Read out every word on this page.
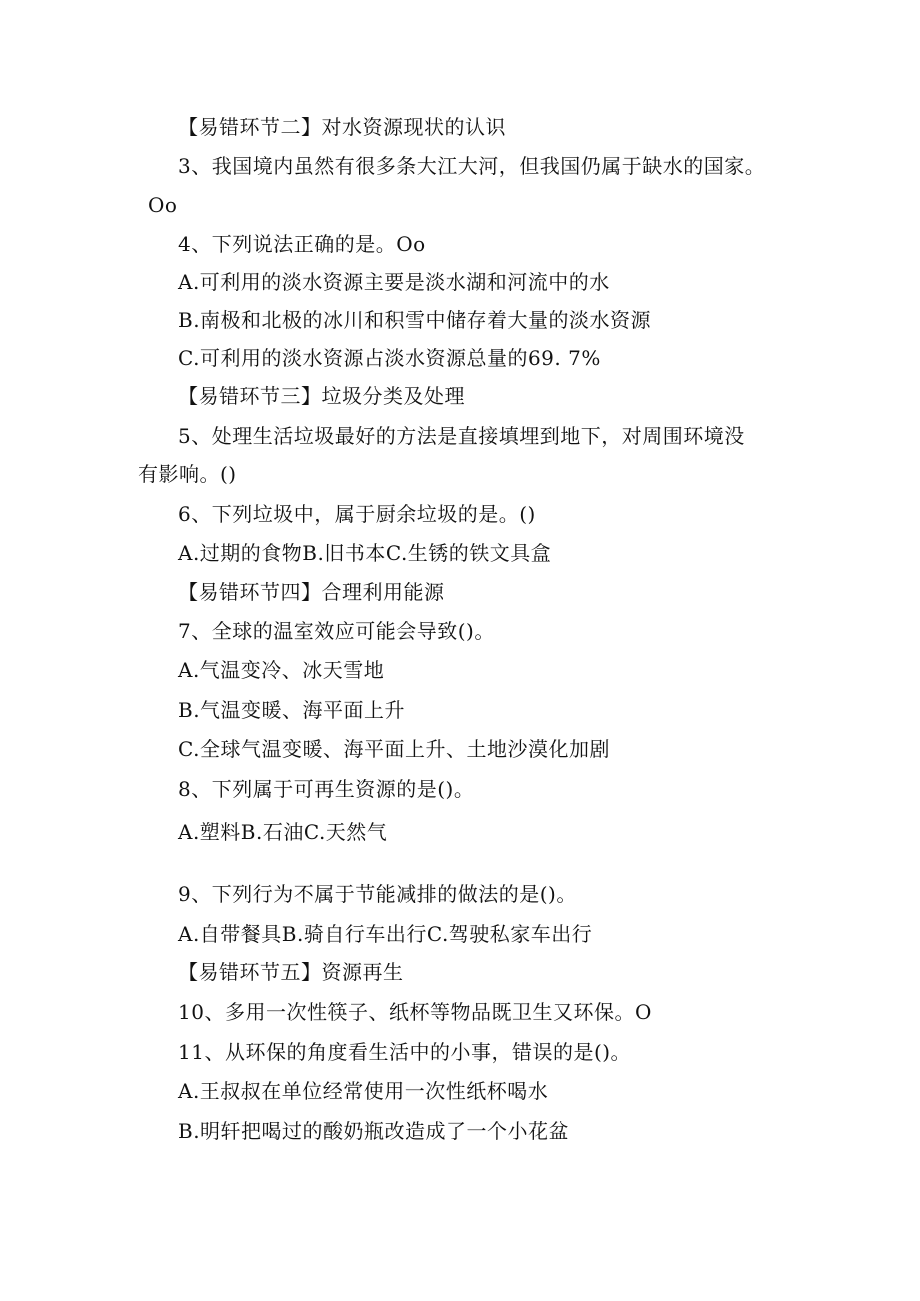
【易错环节二】对水资源现状的认识
3、我国境内虽然有很多条大江大河，但我国仍属于缺水的国家。
Oo
4、下列说法正确的是。Oo
A.可利用的淡水资源主要是淡水湖和河流中的水
B.南极和北极的冰川和积雪中储存着大量的淡水资源
C.可利用的淡水资源占淡水资源总量的69. 7%
【易错环节三】垃圾分类及处理
5、处理生活垃圾最好的方法是直接填埋到地下，对周围环境没
有影响。()
6、下列垃圾中，属于厨余垃圾的是。()
A.过期的食物B.旧书本C.生锈的铁文具盒
【易错环节四】合理利用能源
7、全球的温室效应可能会导致()。
A.气温变冷、冰天雪地
B.气温变暖、海平面上升
C.全球气温变暖、海平面上升、土地沙漠化加剧
8、下列属于可再生资源的是()。
A.塑料B.石油C.天然气
9、下列行为不属于节能减排的做法的是()。
A.自带餐具B.骑自行车出行C.驾驶私家车出行
【易错环节五】资源再生
10、多用一次性筷子、纸杯等物品既卫生又环保。O
11、从环保的角度看生活中的小事，错误的是()。
A.王叔叔在单位经常使用一次性纸杯喝水
B.明轩把喝过的酸奶瓶改造成了一个小花盆
